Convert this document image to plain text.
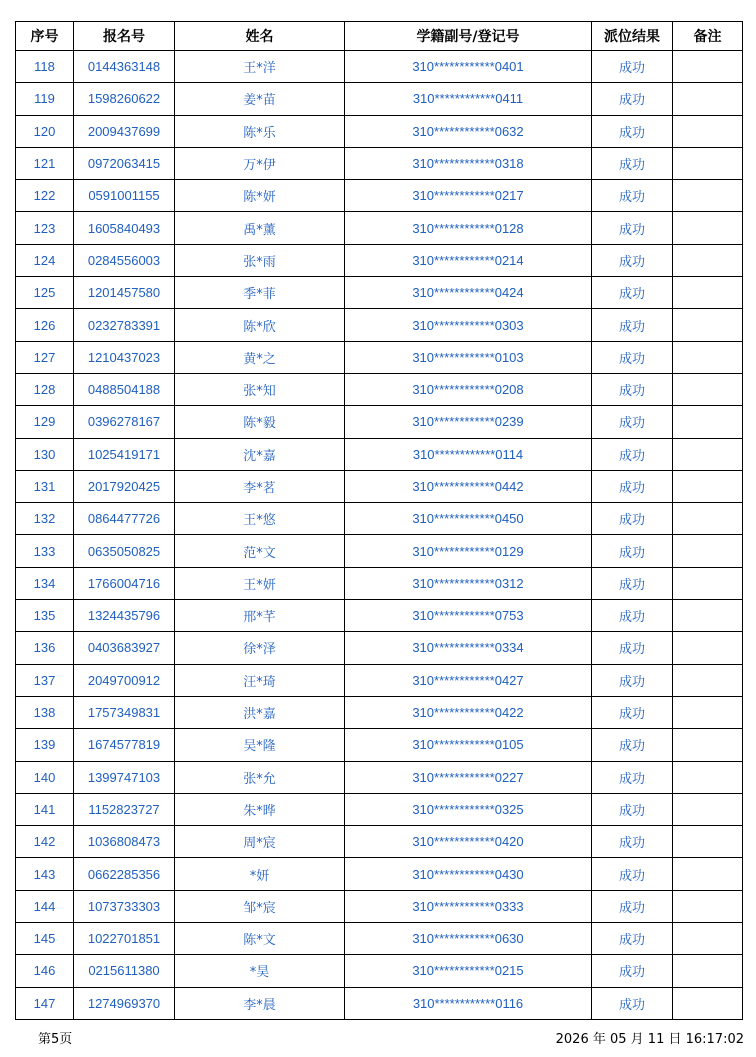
序号	报名号	姓名	学籍副号/登记号	派位结果	备注
118	0144363148	王*洋	310************0401	成功	
119	1598260622	姜*苗	310************0411	成功	
120	2009437699	陈*乐	310************0632	成功	
121	0972063415	万*伊	310************0318	成功	
122	0591001155	陈*妍	310************0217	成功	
123	1605840493	禹*薰	310************0128	成功	
124	0284556003	张*雨	310************0214	成功	
125	1201457580	季*菲	310************0424	成功	
126	0232783391	陈*欣	310************0303	成功	
127	1210437023	黄*之	310************0103	成功	
128	0488504188	张*知	310************0208	成功	
129	0396278167	陈*毅	310************0239	成功	
130	1025419171	沈*嘉	310************0114	成功	
131	2017920425	李*茗	310************0442	成功	
132	0864477726	王*悠	310************0450	成功	
133	0635050825	范*文	310************0129	成功	
134	1766004716	王*妍	310************0312	成功	
135	1324435796	邢*芊	310************0753	成功	
136	0403683927	徐*泽	310************0334	成功	
137	2049700912	汪*琦	310************0427	成功	
138	1757349831	洪*嘉	310************0422	成功	
139	1674577819	吴*隆	310************0105	成功	
140	1399747103	张*允	310************0227	成功	
141	1152823727	朱*晔	310************0325	成功	
142	1036808473	周*宸	310************0420	成功	
143	0662285356	*妍	310************0430	成功	
144	1073733303	邹*宸	310************0333	成功	
145	1022701851	陈*文	310************0630	成功	
146	0215611380	*昊	310************0215	成功	
147	1274969370	李*晨	310************0116	成功	
第5页	2026 年 05 月 11 日 16:17:02
